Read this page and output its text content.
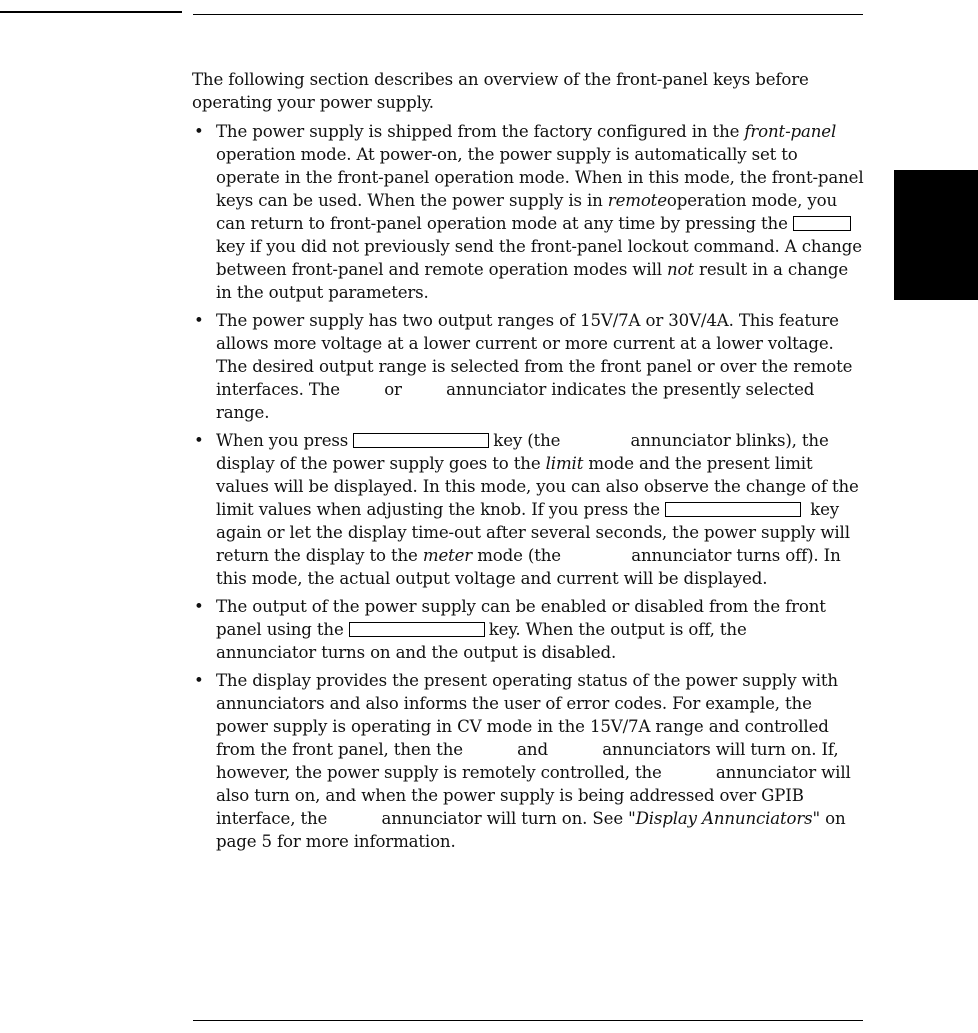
The following section describes an overview of the front-panel keys before operating your power supply.

• The power supply is shipped from the factory configured in the front-panel operation mode. At power-on, the power supply is automatically set to operate in the front-panel operation mode. When in this mode, the front-panel keys can be used. When the power supply is in remoteoperation mode, you can return to front-panel operation mode at any time by pressing the key if you did not previously send the front-panel lockout command. A change between front-panel and remote operation modes will not result in a change in the output parameters.
• The power supply has two output ranges of 15V/7A or 30V/4A. This feature allows more voltage at a lower current or more current at a lower voltage. The desired output range is selected from the front panel or over the remote interfaces. The	or	annunciator indicates the presently selected range.
• When you press	key (the	annunciator blinks), the display of the power supply goes to the limit mode and the present limit values will be displayed. In this mode, you can also observe the change of the limit values when adjusting the knob. If you press the	key again or let the display time-out after several seconds, the power supply will return the display to the meter mode (the	annunciator turns off). In this mode, the actual output voltage and current will be displayed.
• The output of the power supply can be enabled or disabled from the front panel using the	key. When the output is off, the  annunciator turns on and the output is disabled.
• The display provides the present operating status of the power supply with annunciators and also informs the user of error codes. For example, the power supply is operating in CV mode in the 15V/7A range and controlled from the front panel, then the	and	annunciators will turn on. If, however, the power supply is remotely controlled, the	annunciator will also turn on, and when the power supply is being addressed over GPIB interface, the	annunciator will turn on. See "Display Annunciators" on page 5 for more information.
